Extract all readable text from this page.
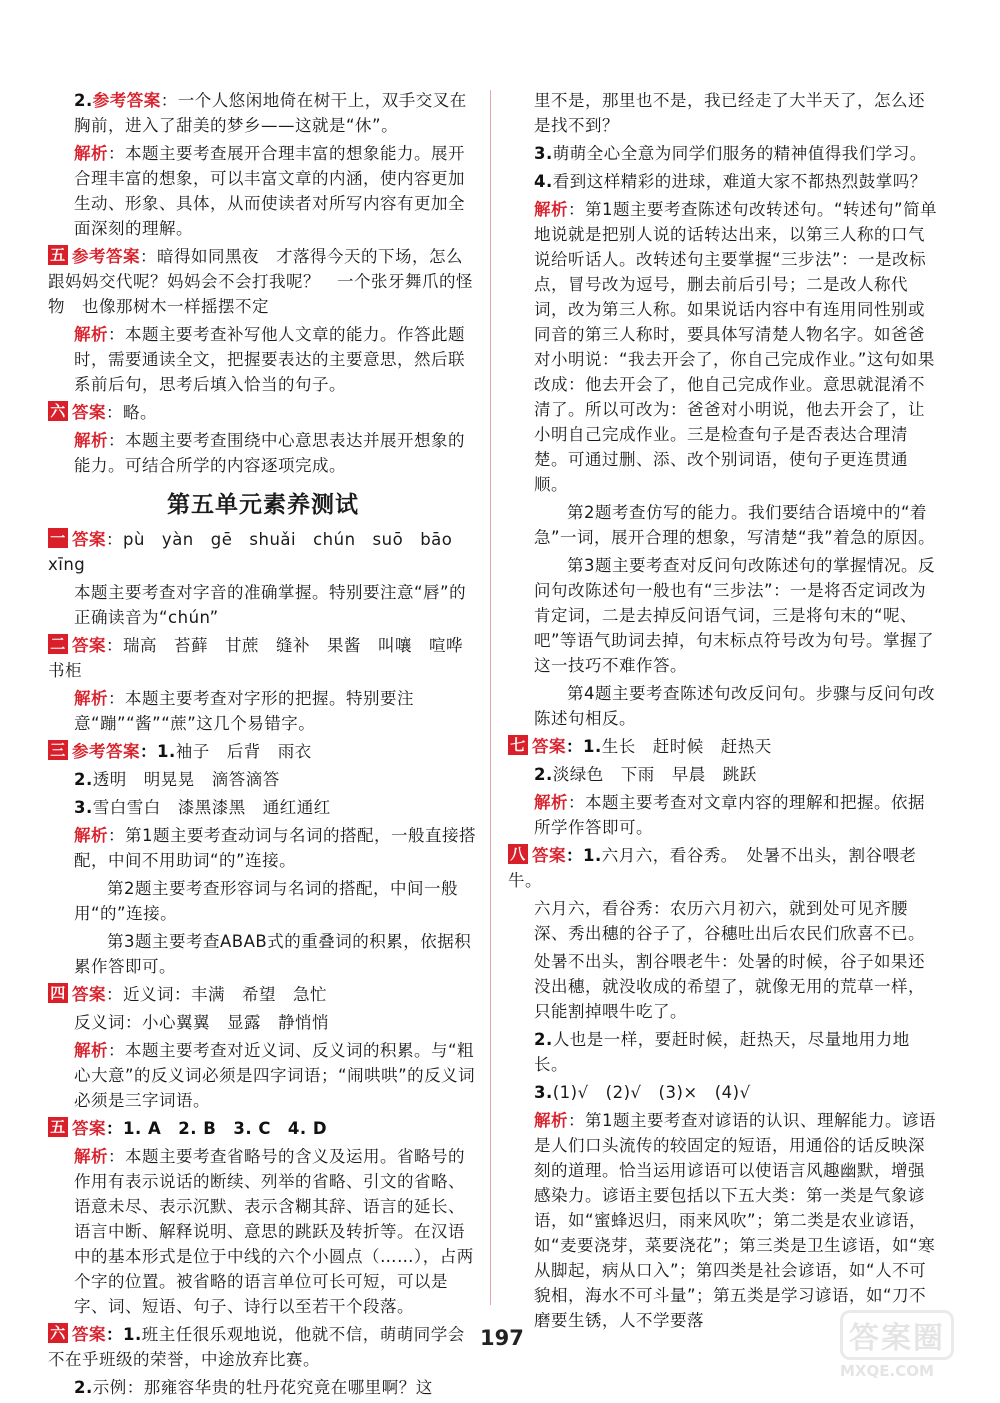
2.参考答案：一个人悠闲地倚在树干上，双手交叉在胸前，进入了甜美的梦乡——这就是“休”。

解析：本题主要考查展开合理丰富的想象能力。展开合理丰富的想象，可以丰富文章的内涵，使内容更加生动、形象、具体，从而使读者对所写内容有更加全面深刻的理解。

五 参考答案：暗得如同黑夜　才落得今天的下场，怎么跟妈妈交代呢？妈妈会不会打我呢？　一个张牙舞爪的怪物　也像那树木一样摇摆不定

解析：本题主要考查补写他人文章的能力。作答此题时，需要通读全文，把握要表达的主要意思，然后联系前后句，思考后填入恰当的句子。

六 答案：略。

解析：本题主要考查围绕中心意思表达并展开想象的能力。可结合所学的内容逐项完成。

第五单元素养测试

一 答案：pù　yàn　gē　shuǎi　chún　suō　bāo　xīng

本题主要考查对字音的准确掌握。特别要注意“唇”的正确读音为“chún”

二 答案：瑞高　苔藓　甘蔗　缝补　果酱　叫嚷　喧哗　书柜

解析：本题主要考查对字形的把握。特别要注意“蹦”“酱”“蔗”这几个易错字。

三 参考答案：1.袖子　后背　雨衣

2.透明　明晃晃　滴答滴答

3.雪白雪白　漆黑漆黑　通红通红

解析：第1题主要考查动词与名词的搭配，一般直接搭配，中间不用助词“的”连接。

第2题主要考查形容词与名词的搭配，中间一般用“的”连接。

第3题主要考查ABAB式的重叠词的积累，依据积累作答即可。

四 答案：近义词：丰满　希望　急忙

反义词：小心翼翼　显露　静悄悄

解析：本题主要考查对近义词、反义词的积累。与“粗心大意”的反义词必须是四字词语；“闹哄哄”的反义词必须是三字词语。

五 答案：1. A　2. B　3. C　4. D

解析：本题主要考查省略号的含义及运用。省略号的作用有表示说话的断续、列举的省略、引文的省略、语意未尽、表示沉默、表示含糊其辞、语言的延长、语言中断、解释说明、意思的跳跃及转折等。在汉语中的基本形式是位于中线的六个小圆点（……），占两个字的位置。被省略的语言单位可长可短，可以是字、词、短语、句子、诗行以至若干个段落。

六 答案：1.班主任很乐观地说，他就不信，萌萌同学会不在乎班级的荣誉，中途放弃比赛。

2.示例：那雍容华贵的牡丹花究竟在哪里啊？这

里不是，那里也不是，我已经走了大半天了，怎么还是找不到？

3.萌萌全心全意为同学们服务的精神值得我们学习。

4.看到这样精彩的进球，难道大家不都热烈鼓掌吗？

解析：第1题主要考查陈述句改转述句。“转述句”简单地说就是把别人说的话转达出来，以第三人称的口气说给听话人。改转述句主要掌握“三步法”：一是改标点，冒号改为逗号，删去前后引号；二是改人称代词，改为第三人称。如果说话内容中有连用同性别或同音的第三人称时，要具体写清楚人物名字。如爸爸对小明说：“我去开会了，你自己完成作业。”这句如果改成：他去开会了，他自己完成作业。意思就混淆不清了。所以可改为：爸爸对小明说，他去开会了，让小明自己完成作业。三是检查句子是否表达合理清楚。可通过删、添、改个别词语，使句子更连贯通顺。

第2题考查仿写的能力。我们要结合语境中的“着急”一词，展开合理的想象，写清楚“我”着急的原因。

第3题主要考查对反问句改陈述句的掌握情况。反问句改陈述句一般也有“三步法”：一是将否定词改为肯定词，二是去掉反问语气词，三是将句末的“呢、吧”等语气助词去掉，句末标点符号改为句号。掌握了这一技巧不难作答。

第4题主要考查陈述句改反问句。步骤与反问句改陈述句相反。

七 答案：1.生长　赶时候　赶热天

2.淡绿色　下雨　早晨　跳跃

解析：本题主要考查对文章内容的理解和把握。依据所学作答即可。

八 答案：1.六月六，看谷秀。　处暑不出头，割谷喂老牛。

六月六，看谷秀：农历六月初六，就到处可见齐腰深、秀出穗的谷子了，谷穗吐出后农民们欣喜不已。

处暑不出头，割谷喂老牛：处暑的时候，谷子如果还没出穗，就没收成的希望了，就像无用的荒草一样，只能割掉喂牛吃了。

2.人也是一样，要赶时候，赶热天，尽量地用力地长。

3.(1)√　(2)√　(3)×　(4)√

解析：第1题主要考查对谚语的认识、理解能力。谚语是人们口头流传的较固定的短语，用通俗的话反映深刻的道理。恰当运用谚语可以使语言风趣幽默，增强感染力。谚语主要包括以下五大类：第一类是气象谚语，如“蜜蜂迟归，雨来风吹”；第二类是农业谚语，如“麦要浇芽，菜要浇花”；第三类是卫生谚语，如“寒从脚起，病从口入”；第四类是社会谚语，如“人不可貌相，海水不可斗量”；第五类是学习谚语，如“刀不磨要生锈，人不学要落

197	答案圈
MXQE.COM
